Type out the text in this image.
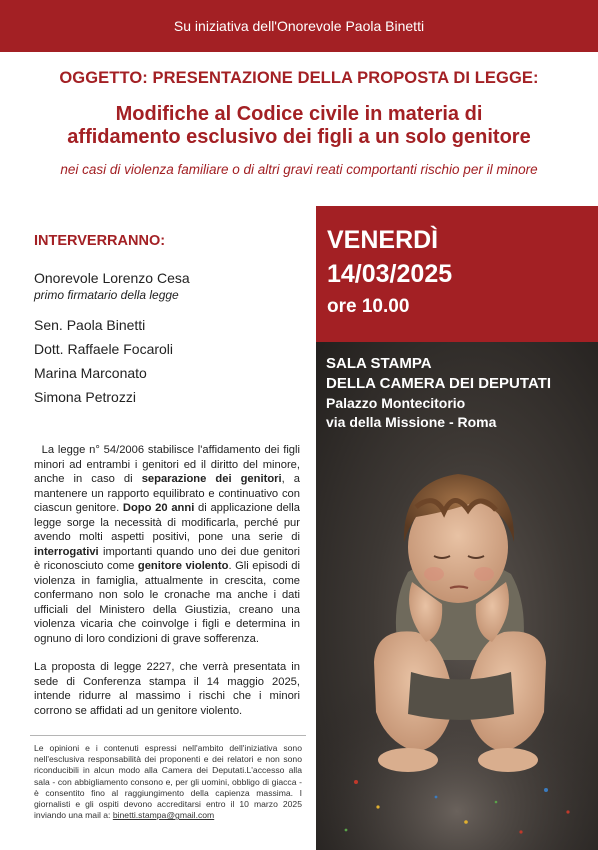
Su iniziativa dell'Onorevole Paola Binetti
OGGETTO: PRESENTAZIONE DELLA PROPOSTA DI LEGGE:
Modifiche al Codice civile in materia di
affidamento esclusivo dei figli a un solo genitore
nei casi di violenza familiare o di altri gravi reati comportanti rischio per il minore
INTERVERRANNO:
Onorevole Lorenzo Cesa
primo firmatario della legge
Sen. Paola Binetti
Dott. Raffaele Focaroli
Marina Marconato
Simona Petrozzi

La legge n° 54/2006 stabilisce l'affidamento dei figli minori ad entrambi i genitori ed il diritto del minore, anche in caso di separazione dei genitori, a mantenere un rapporto equilibrato e continuativo con ciascun genitore. Dopo 20 anni di applicazione della legge sorge la necessità di modificarla, perché pur avendo molti aspetti positivi, pone una serie di interrogativi importanti quando uno dei due genitori è riconosciuto come genitore violento. Gli episodi di violenza in famiglia, attualmente in crescita, come confermano non solo le cronache ma anche i dati ufficiali del Ministero della Giustizia, creano una violenza vicaria che coinvolge i figli e determina in ognuno di loro condizioni di grave sofferenza.

La proposta di legge 2227, che verrà presentata in sede di Conferenza stampa il 14 maggio 2025, intende ridurre al massimo i rischi che i minori corrono se affidati ad un genitore violento.

Le opinioni e i contenuti espressi nell'ambito dell'iniziativa sono nell'esclusiva responsabilità dei proponenti e dei relatori e non sono riconducibili in alcun modo alla Camera dei Deputati.L'accesso alla sala - con abbigliamento consono e, per gli uomini, obbligo di giacca - è consentito fino al raggiungimento della capienza massima. I giornalisti e gli ospiti devono accreditarsi entro il 10 marzo 2025 inviando una mail a: binetti.stampa@gmail.com
VENERDÌ
14/03/2025
ore 10.00
SALA STAMPA
DELLA CAMERA DEI DEPUTATI
Palazzo Montecitorio
via della Missione - Roma
